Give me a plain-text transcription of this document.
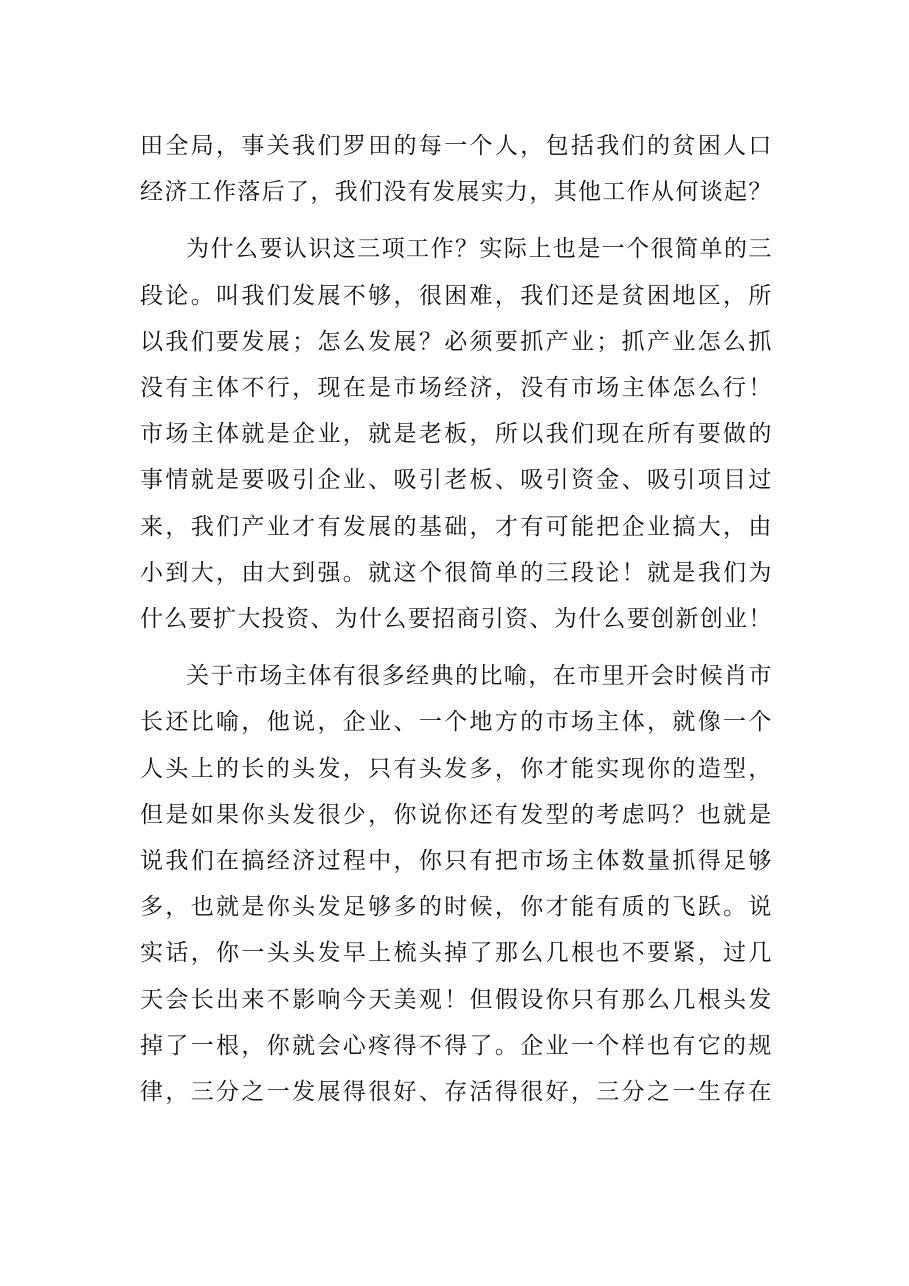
田全局，事关我们罗田的每一个人，包括我们的贫困人口

经济工作落后了，我们没有发展实力，其他工作从何谈起？

为什么要认识这三项工作？实际上也是一个很简单的三

段论。叫我们发展不够，很困难，我们还是贫困地区，所

以我们要发展；怎么发展？必须要抓产业；抓产业怎么抓

没有主体不行，现在是市场经济，没有市场主体怎么行！

市场主体就是企业，就是老板，所以我们现在所有要做的

事情就是要吸引企业、吸引老板、吸引资金、吸引项目过

来，我们产业才有发展的基础，才有可能把企业搞大，由

小到大，由大到强。就这个很简单的三段论！就是我们为

什么要扩大投资、为什么要招商引资、为什么要创新创业！

关于市场主体有很多经典的比喻，在市里开会时候肖市

长还比喻，他说，企业、一个地方的市场主体，就像一个

人头上的长的头发，只有头发多，你才能实现你的造型，

但是如果你头发很少，你说你还有发型的考虑吗？也就是

说我们在搞经济过程中，你只有把市场主体数量抓得足够

多，也就是你头发足够多的时候，你才能有质的飞跃。说

实话，你一头头发早上梳头掉了那么几根也不要紧，过几

天会长出来不影响今天美观！但假设你只有那么几根头发

掉了一根，你就会心疼得不得了。企业一个样也有它的规

律，三分之一发展得很好、存活得很好，三分之一生存在
